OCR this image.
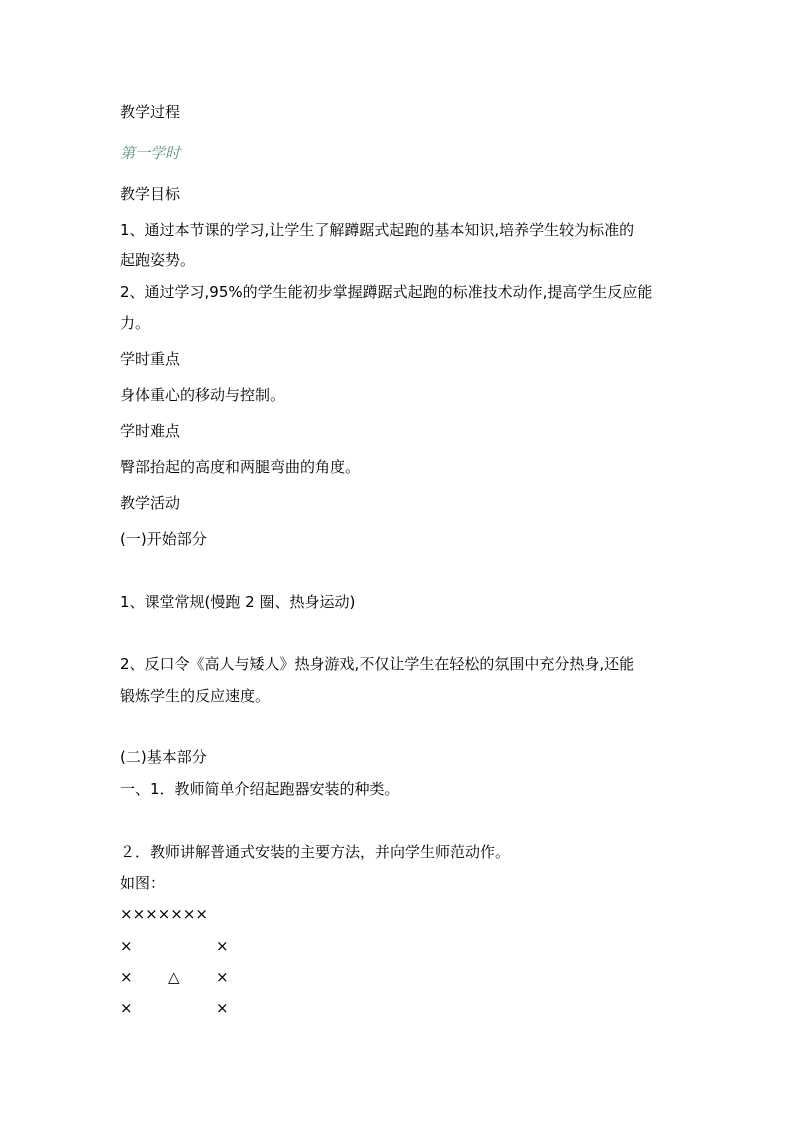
教学过程
第一学时
教学目标
1、通过本节课的学习,让学生了解蹲踞式起跑的基本知识,培养学生较为标准的
起跑姿势。
2、通过学习,95%的学生能初步掌握蹲踞式起跑的标准技术动作,提高学生反应能
力。
学时重点
身体重心的移动与控制。
学时难点
臀部抬起的高度和两腿弯曲的角度。
教学活动
(一)开始部分
1、课堂常规(慢跑 2 圈、热身运动)
2、反口令《高人与矮人》热身游戏,不仅让学生在轻松的氛围中充分热身,还能
锻炼学生的反应速度。
(二)基本部分
一、1．教师简单介绍起跑器安装的种类。
２．教师讲解普通式安装的主要方法，并向学生师范动作。
如图：
×××××××
×	×
× △ ×
×	×
